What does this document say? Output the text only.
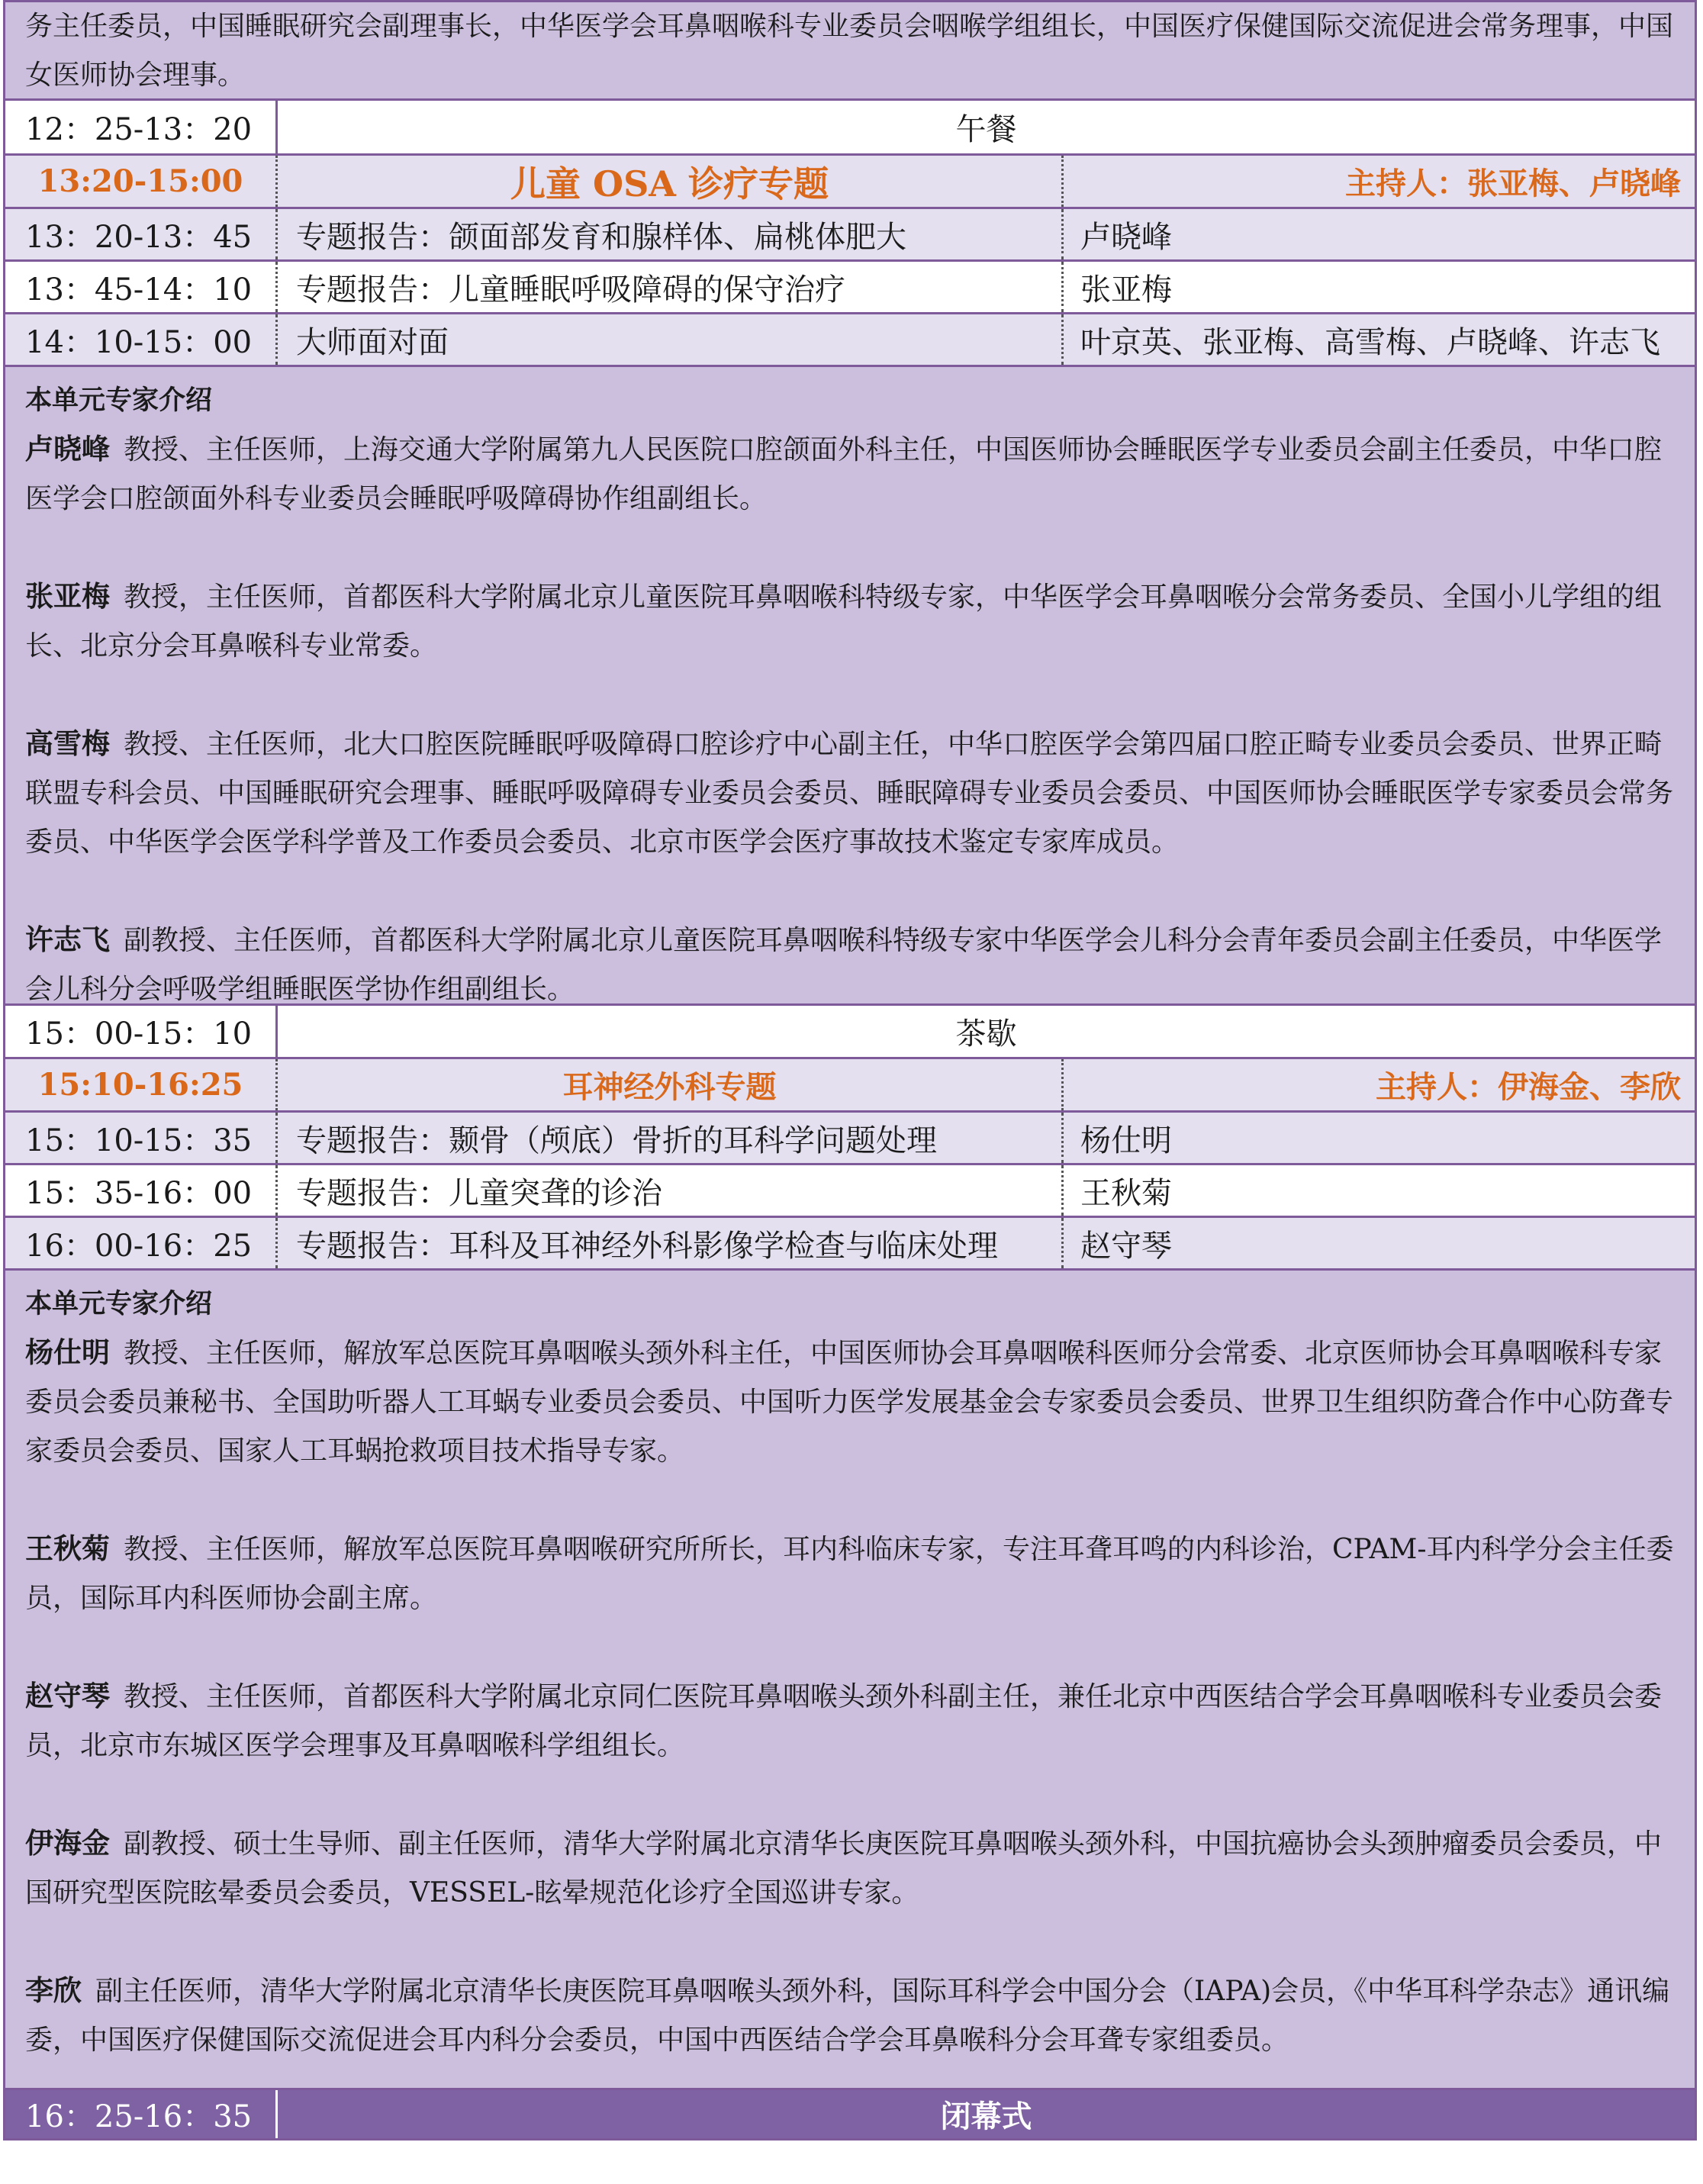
务主任委员，中国睡眠研究会副理事长，中华医学会耳鼻咽喉科专业委员会咽喉学组组长，中国医疗保健国际交流促进会常务理事，中国女医师协会理事。

12：25-13：20	午餐
13:20-15:00	儿童 OSA 诊疗专题	主持人：张亚梅、卢晓峰
13：20-13：45	专题报告：颌面部发育和腺样体、扁桃体肥大	卢晓峰
13：45-14：10	专题报告：儿童睡眠呼吸障碍的保守治疗	张亚梅
14：10-15：00	大师面对面	叶京英、张亚梅、高雪梅、卢晓峰、许志飞

本单元专家介绍

卢晓峰 教授、主任医师，上海交通大学附属第九人民医院口腔颌面外科主任，中国医师协会睡眠医学专业委员会副主任委员，中华口腔医学会口腔颌面外科专业委员会睡眠呼吸障碍协作组副组长。

张亚梅 教授，主任医师，首都医科大学附属北京儿童医院耳鼻咽喉科特级专家，中华医学会耳鼻咽喉分会常务委员、全国小儿学组的组长、北京分会耳鼻喉科专业常委。

高雪梅 教授、主任医师，北大口腔医院睡眠呼吸障碍口腔诊疗中心副主任，中华口腔医学会第四届口腔正畸专业委员会委员、世界正畸联盟专科会员、中国睡眠研究会理事、睡眠呼吸障碍专业委员会委员、睡眠障碍专业委员会委员、中国医师协会睡眠医学专家委员会常务委员、中华医学会医学科学普及工作委员会委员、北京市医学会医疗事故技术鉴定专家库成员。

许志飞 副教授、主任医师，首都医科大学附属北京儿童医院耳鼻咽喉科特级专家中华医学会儿科分会青年委员会副主任委员，中华医学会儿科分会呼吸学组睡眠医学协作组副组长。

15：00-15：10	茶歇
15:10-16:25	耳神经外科专题	主持人：伊海金、李欣
15：10-15：35	专题报告：颞骨（颅底）骨折的耳科学问题处理	杨仕明
15：35-16：00	专题报告：儿童突聋的诊治	王秋菊
16：00-16：25	专题报告：耳科及耳神经外科影像学检查与临床处理	赵守琴

本单元专家介绍

杨仕明 教授、主任医师，解放军总医院耳鼻咽喉头颈外科主任，中国医师协会耳鼻咽喉科医师分会常委、北京医师协会耳鼻咽喉科专家委员会委员兼秘书、全国助听器人工耳蜗专业委员会委员、中国听力医学发展基金会专家委员会委员、世界卫生组织防聋合作中心防聋专家委员会委员、国家人工耳蜗抢救项目技术指导专家。

王秋菊 教授、主任医师，解放军总医院耳鼻咽喉研究所所长，耳内科临床专家，专注耳聋耳鸣的内科诊治，CPAM-耳内科学分会主任委员，国际耳内科医师协会副主席。

赵守琴 教授、主任医师，首都医科大学附属北京同仁医院耳鼻咽喉头颈外科副主任，兼任北京中西医结合学会耳鼻咽喉科专业委员会委员，北京市东城区医学会理事及耳鼻咽喉科学组组长。

伊海金 副教授、硕士生导师、副主任医师，清华大学附属北京清华长庚医院耳鼻咽喉头颈外科，中国抗癌协会头颈肿瘤委员会委员，中国研究型医院眩晕委员会委员，VESSEL-眩晕规范化诊疗全国巡讲专家。

李欣 副主任医师，清华大学附属北京清华长庚医院耳鼻咽喉头颈外科，国际耳科学会中国分会（IAPA)会员，《中华耳科学杂志》通讯编委，中国医疗保健国际交流促进会耳内科分会委员，中国中西医结合学会耳鼻喉科分会耳聋专家组委员。

16：25-16：35	闭幕式
